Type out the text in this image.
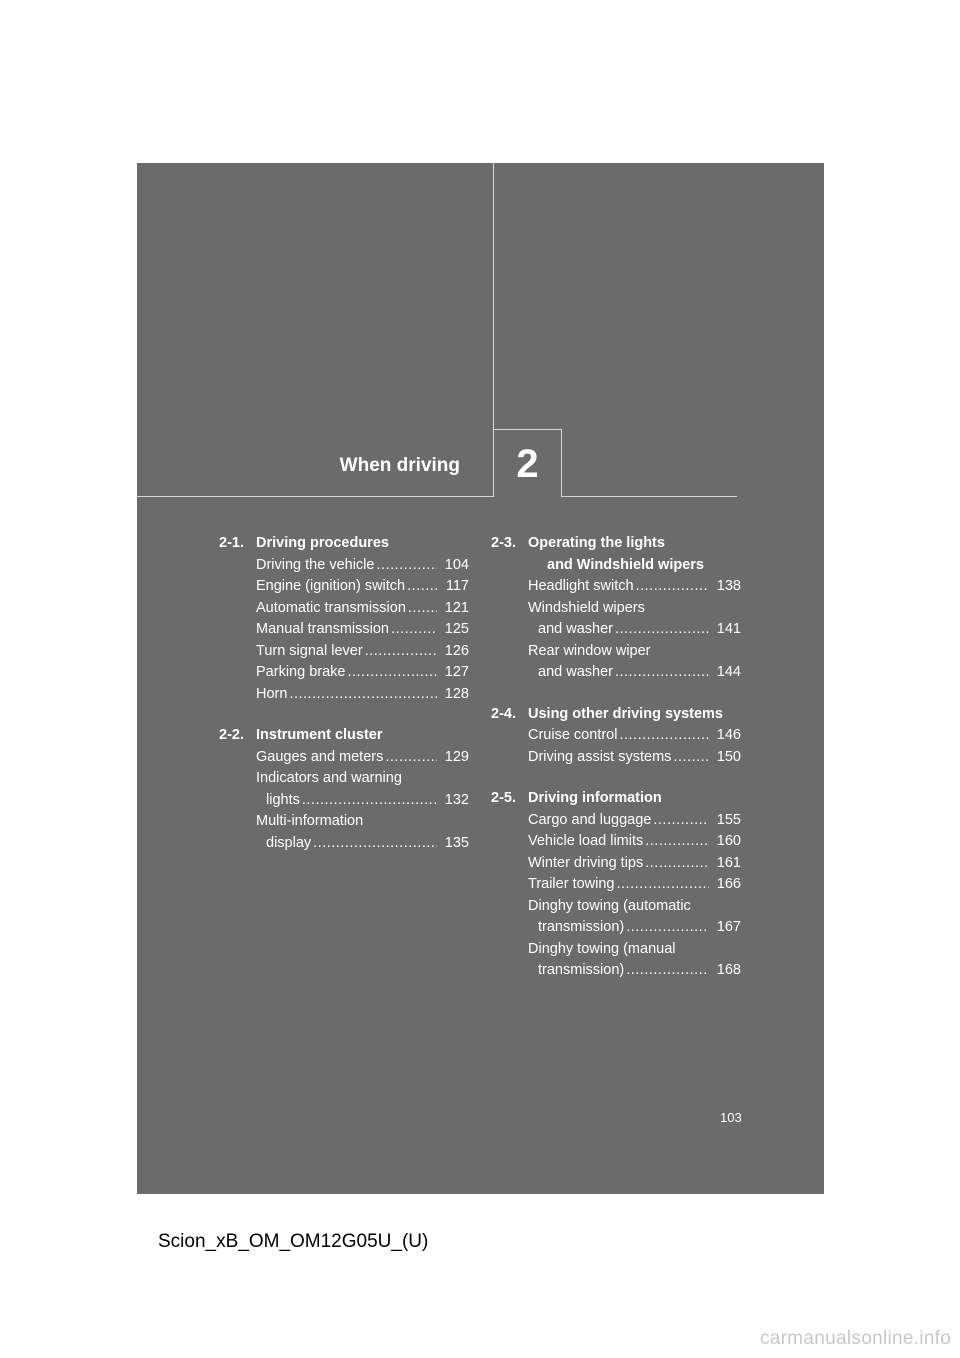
2
When driving
2-1. Driving procedures
Driving the vehicle .....	104
Engine (ignition) switch .....	117
Automatic transmission .....	121
Manual transmission .....	125
Turn signal lever .....	126
Parking brake .....	127
Horn .....	128
2-2. Instrument cluster
Gauges and meters .....	129
Indicators and warning
lights .....	132
Multi-information
display .....	135
2-3. Operating the lights
and Windshield wipers
Headlight switch .....	138
Windshield wipers
and washer .....	141
Rear window wiper
and washer .....	144
2-4. Using other driving systems
Cruise control .....	146
Driving assist systems .....	150
2-5. Driving information
Cargo and luggage .....	155
Vehicle load limits .....	160
Winter driving tips .....	161
Trailer towing .....	166
Dinghy towing (automatic
transmission) .....	167
Dinghy towing (manual
transmission) .....	168
103
Scion_xB_OM_OM12G05U_(U)
carmanualsonline.info
